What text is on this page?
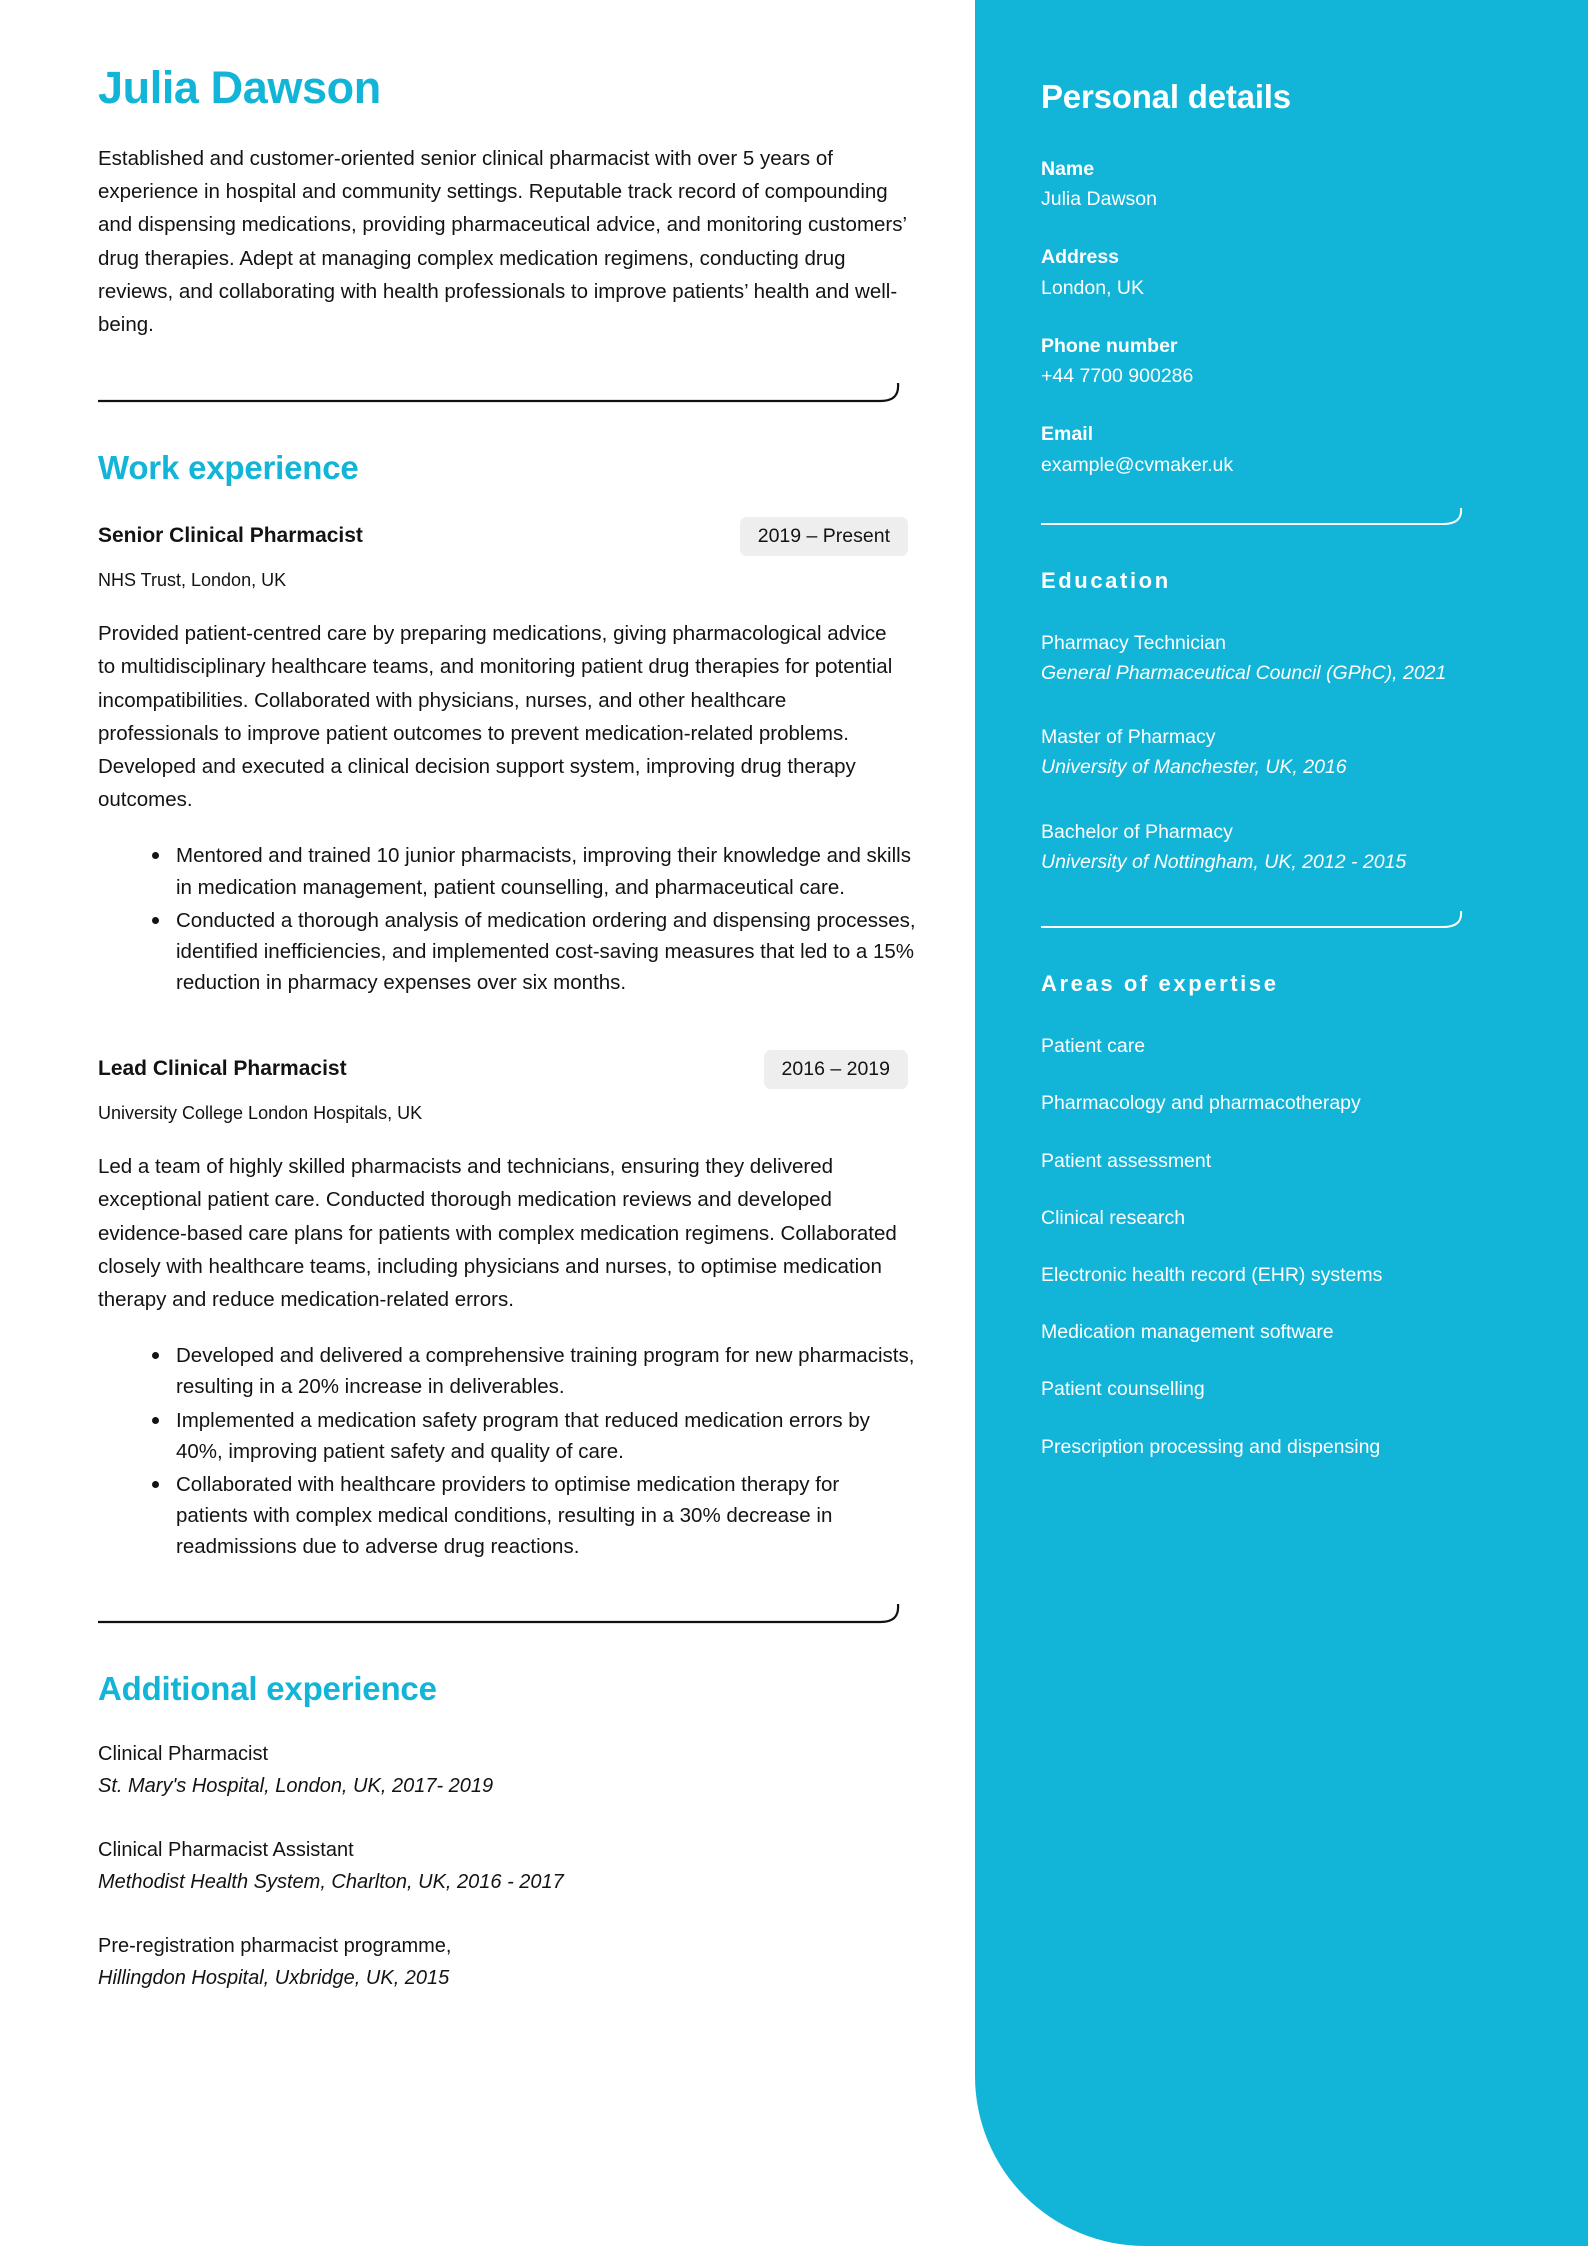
Julia Dawson

Established and customer-oriented senior clinical pharmacist with over 5 years of experience in hospital and community settings. Reputable track record of compounding and dispensing medications, providing pharmaceutical advice, and monitoring customers’ drug therapies. Adept at managing complex medication regimens, conducting drug reviews, and collaborating with health professionals to improve patients’ health and well-being.

Work experience
Senior Clinical Pharmacist	2019 – Present
NHS Trust, London, UK

Provided patient-centred care by preparing medications, giving pharmacological advice to multidisciplinary healthcare teams, and monitoring patient drug therapies for potential incompatibilities. Collaborated with physicians, nurses, and other healthcare professionals to improve patient outcomes to prevent medication-related problems. Developed and executed a clinical decision support system, improving drug therapy outcomes.

Mentored and trained 10 junior pharmacists, improving their knowledge and skills in medication management, patient counselling, and pharmaceutical care.
Conducted a thorough analysis of medication ordering and dispensing processes, identified inefficiencies, and implemented cost-saving measures that led to a 15% reduction in pharmacy expenses over six months.
Lead Clinical Pharmacist	2016 – 2019
University College London Hospitals, UK

Led a team of highly skilled pharmacists and technicians, ensuring they delivered exceptional patient care. Conducted thorough medication reviews and developed evidence-based care plans for patients with complex medication regimens. Collaborated closely with healthcare teams, including physicians and nurses, to optimise medication therapy and reduce medication-related errors.

Developed and delivered a comprehensive training program for new pharmacists, resulting in a 20% increase in deliverables.
Implemented a medication safety program that reduced medication errors by 40%, improving patient safety and quality of care.
Collaborated with healthcare providers to optimise medication therapy for patients with complex medical conditions, resulting in a 30% decrease in readmissions due to adverse drug reactions.
Additional experience
Clinical Pharmacist
St. Mary's Hospital, London, UK, 2017- 2019
Clinical Pharmacist Assistant
Methodist Health System, Charlton, UK, 2016 - 2017
Pre-registration pharmacist programme,
Hillingdon Hospital, Uxbridge, UK, 2015
Personal details
Name
Julia Dawson
Address
London, UK
Phone number
+44 7700 900286
Email
example@cvmaker.uk
Education
Pharmacy Technician
General Pharmaceutical Council (GPhC), 2021
Master of Pharmacy
University of Manchester, UK, 2016
Bachelor of Pharmacy
University of Nottingham, UK, 2012 - 2015
Areas of expertise
Patient care
Pharmacology and pharmacotherapy
Patient assessment
Clinical research
Electronic health record (EHR) systems
Medication management software
Patient counselling
Prescription processing and dispensing
